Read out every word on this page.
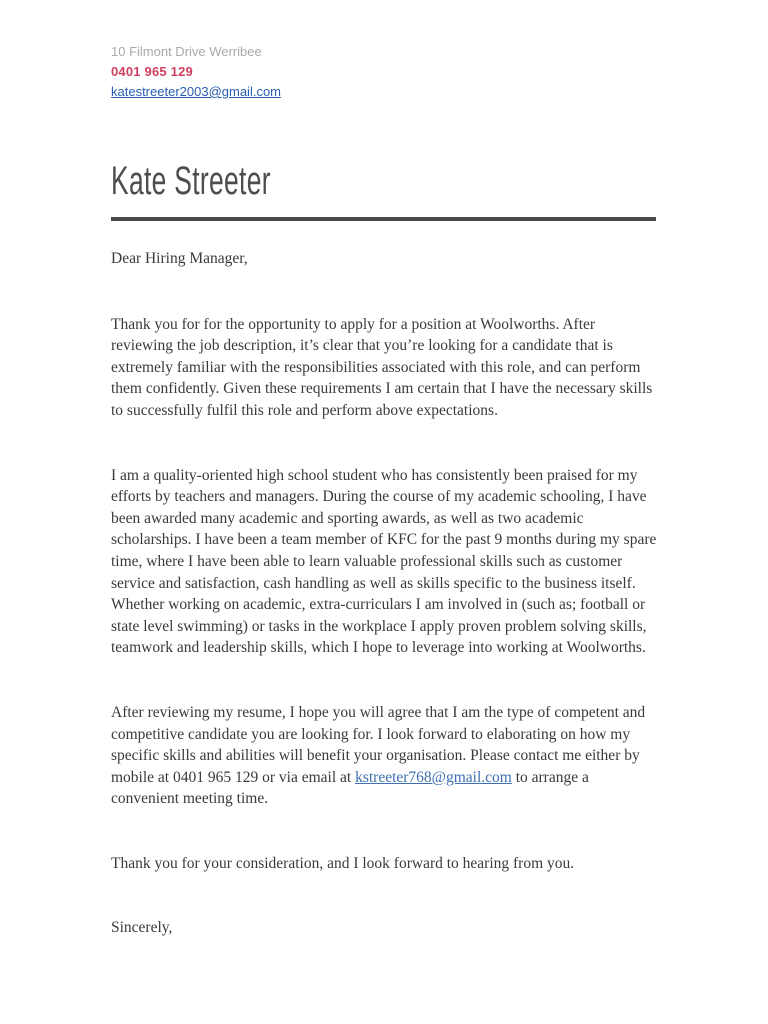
10 Filmont Drive Werribee
0401 965 129
katestreeter2003@gmail.com
Kate Streeter

Dear Hiring Manager,

Thank you for for the opportunity to apply for a position at Woolworths. After reviewing the job description, it’s clear that you’re looking for a candidate that is extremely familiar with the responsibilities associated with this role, and can perform them confidently. Given these requirements I am certain that I have the necessary skills to successfully fulfil this role and perform above expectations.

I am a quality-oriented high school student who has consistently been praised for my efforts by teachers and managers. During the course of my academic schooling, I have been awarded many academic and sporting awards, as well as two academic scholarships. I have been a team member of KFC for the past 9 months during my spare time, where I have been able to learn valuable professional skills such as customer service and satisfaction, cash handling as well as skills specific to the business itself. Whether working on academic, extra-curriculars I am involved in (such as; football or state level swimming) or tasks in the workplace I apply proven problem solving skills, teamwork and leadership skills, which I hope to leverage into working at Woolworths.

After reviewing my resume, I hope you will agree that I am the type of competent and competitive candidate you are looking for. I look forward to elaborating on how my specific skills and abilities will benefit your organisation. Please contact me either by mobile at 0401 965 129 or via email at kstreeter768@gmail.com to arrange a convenient meeting time.

Thank you for your consideration, and I look forward to hearing from you.

Sincerely,
